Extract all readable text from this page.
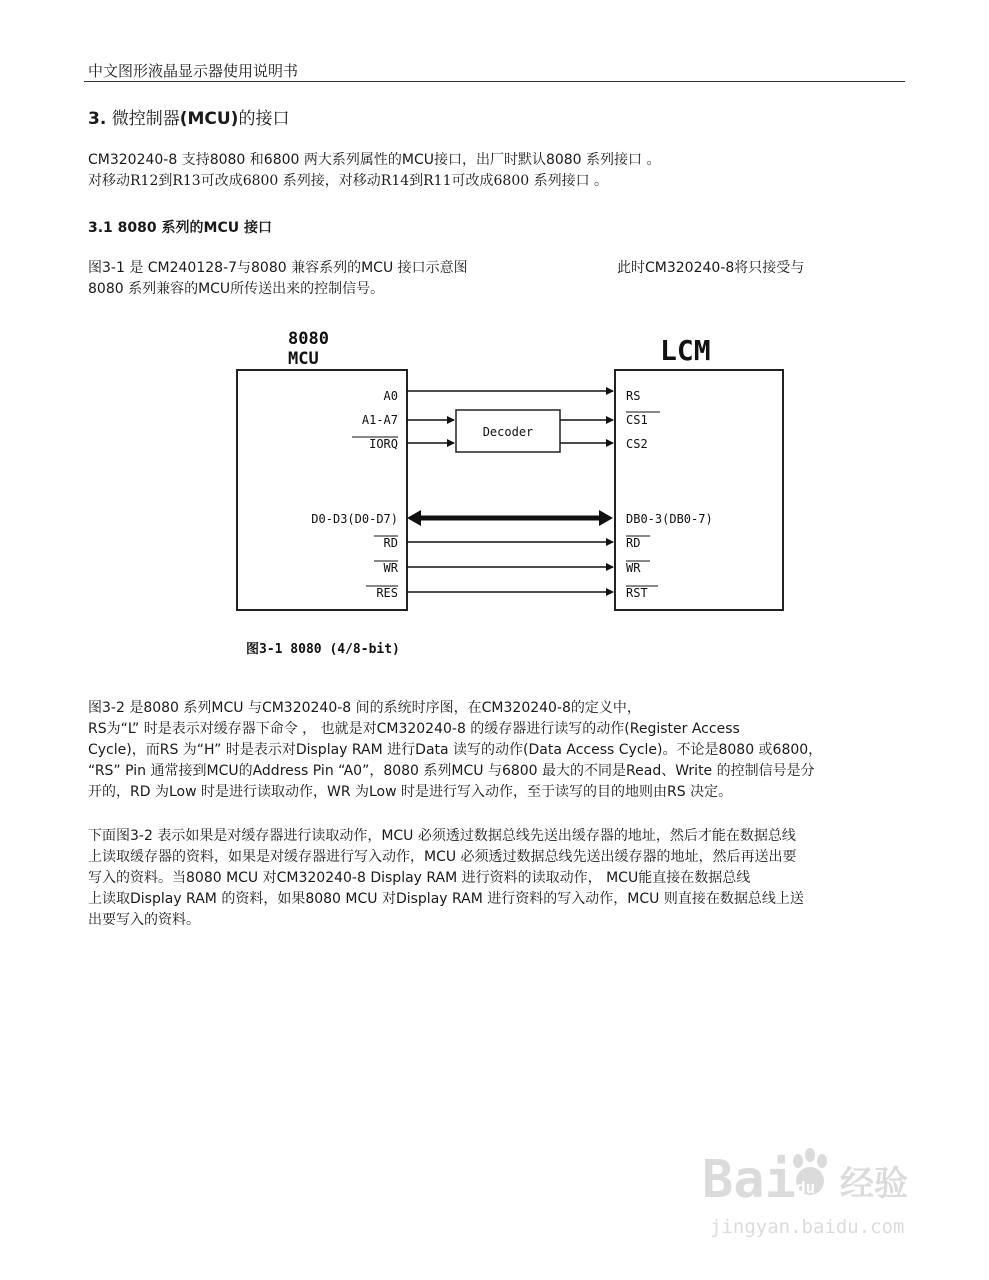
中文图形液晶显示器使用说明书
3. 微控制器(MCU)的接口
CM320240-8 支持8080 和6800 两大系列属性的MCU接口，出厂时默认8080 系列接口 。
对移动R12到R13可改成6800 系列接，对移动R14到R11可改成6800 系列接口 。
3.1 8080 系列的MCU 接口
图3-1 是 CM240128-7与8080 兼容系列的MCU 接口示意图	此时CM320240-8将只接受与
8080 系列兼容的MCU所传送出来的控制信号。
8080
MCU	LCM
Decoder
A0
A1-A7
IORQ
D0-D3(D0-D7)
RD
WR
RES
RS
CS1
CS2
DB0-3(DB0-7)
RD
WR
RST
图3-1 8080 (4/8-bit)
图3-2 是8080 系列MCU 与CM320240-8 间的系统时序图，在CM320240-8的定义中，
RS为“L” 时是表示对缓存器下命令 ， 也就是对CM320240-8 的缓存器进行读写的动作(Register Access
Cycle)，而RS 为“H” 时是表示对Display RAM 进行Data 读写的动作(Data Access Cycle)。不论是8080 或6800，
“RS” Pin 通常接到MCU的Address Pin “A0”，8080 系列MCU 与6800 最大的不同是Read、Write 的控制信号是分
开的，RD 为Low 时是进行读取动作，WR 为Low 时是进行写入动作，至于读写的目的地则由RS 决定。
下面图3-2 表示如果是对缓存器进行读取动作，MCU 必须透过数据总线先送出缓存器的地址，然后才能在数据总线
上读取缓存器的资料，如果是对缓存器进行写入动作，MCU 必须透过数据总线先送出缓存器的地址，然后再送出要
写入的资料。当8080 MCU 对CM320240-8 Display RAM 进行资料的读取动作， MCU能直接在数据总线
上读取Display RAM 的资料，如果8080 MCU 对Display RAM 进行资料的写入动作，MCU 则直接在数据总线上送
出要写入的资料。
Bai du 经验
jingyan.baidu.com
